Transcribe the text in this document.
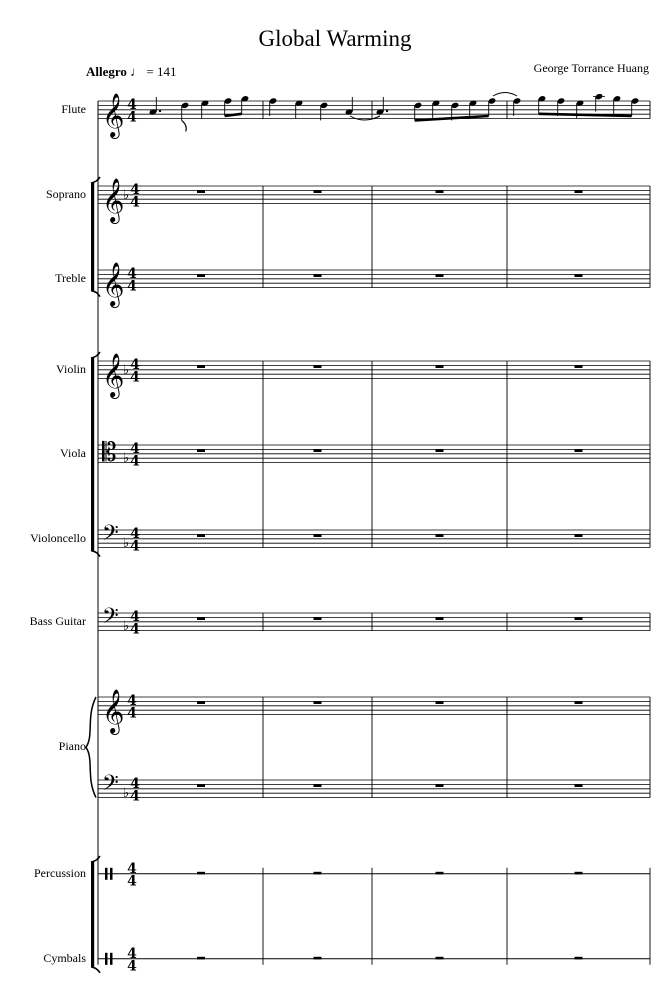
Global Warming
George Torrance Huang
Allegro ♩ = 141
Flute
Soprano
Treble
Violin
Viola
Violoncello
Bass Guitar
Piano
Percussion
Cymbals
𝄞 4
4
𝄞
♭ 4
4
𝄞 4
4
𝄞
♭ 4
4
𝄡 ♭
4
4
𝄢 ♭
4
4
𝄢 ♭
4
4
𝄞 4
4
𝄢 ♭
4
4
4
4
4
4
